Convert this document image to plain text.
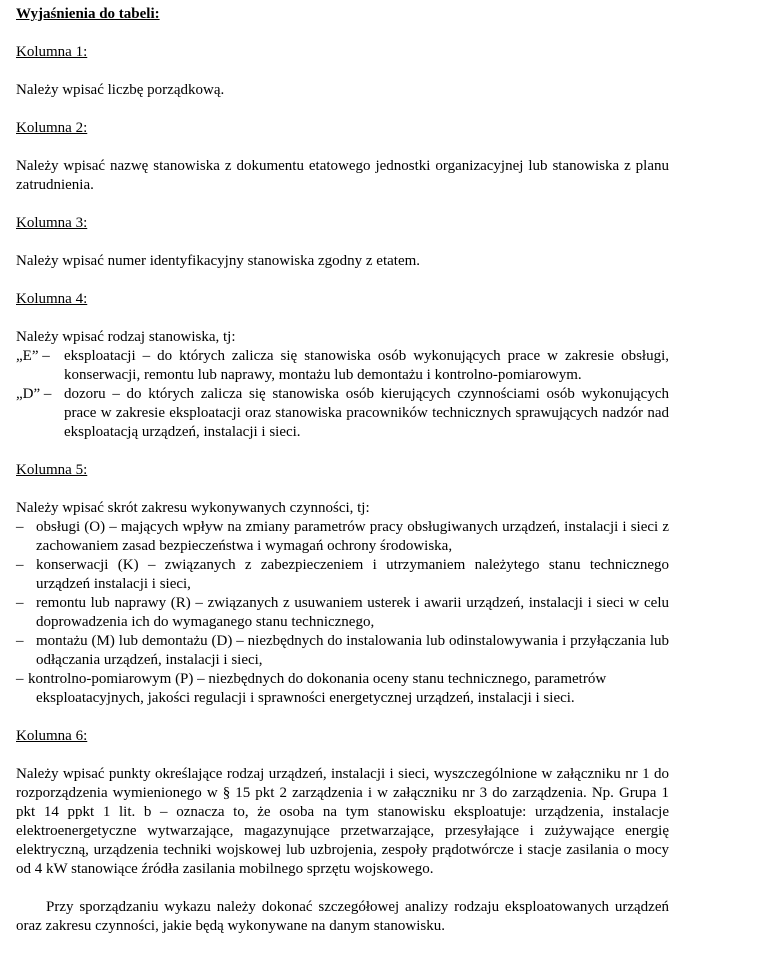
Wyjaśnienia do tabeli:
Kolumna 1:

Należy wpisać liczbę porządkową.

Kolumna 2:

Należy wpisać nazwę stanowiska z dokumentu etatowego jednostki organizacyjnej lub stanowiska z planu zatrudnienia.

Kolumna 3:

Należy wpisać numer identyfikacyjny stanowiska zgodny z etatem.

Kolumna 4:

Należy wpisać rodzaj stanowiska, tj:

„E” – eksploatacji – do których zalicza się stanowiska osób wykonujących prace w zakresie obsługi, konserwacji, remontu lub naprawy, montażu lub demontażu i kontrolno-pomiarowym.
„D” – dozoru – do których zalicza się stanowiska osób kierujących czynnościami osób wykonujących prace w zakresie eksploatacji oraz stanowiska pracowników technicznych sprawujących nadzór nad eksploatacją urządzeń, instalacji i sieci.
Kolumna 5:

Należy wpisać skrót zakresu wykonywanych czynności, tj:

– obsługi (O) – mających wpływ na zmiany parametrów pracy obsługiwanych urządzeń, instalacji i sieci z zachowaniem zasad bezpieczeństwa i wymagań ochrony środowiska,
– konserwacji (K) – związanych z zabezpieczeniem i utrzymaniem należytego stanu technicznego urządzeń instalacji i sieci,
– remontu lub naprawy (R) – związanych z usuwaniem usterek i awarii urządzeń, instalacji i sieci w celu doprowadzenia ich do wymaganego stanu technicznego,
– montażu (M) lub demontażu (D) – niezbędnych do instalowania lub odinstalowywania i przyłączania lub odłączania urządzeń, instalacji i sieci,
– kontrolno-pomiarowym (P) – niezbędnych do dokonania oceny stanu technicznego, parametrów
eksploatacyjnych, jakości regulacji i sprawności energetycznej urządzeń, instalacji i sieci.
Kolumna 6:

Należy wpisać punkty określające rodzaj urządzeń, instalacji i sieci, wyszczególnione w załączniku nr 1 do rozporządzenia wymienionego w § 15 pkt 2 zarządzenia i w załączniku nr 3 do zarządzenia. Np. Grupa 1 pkt 14 ppkt 1 lit. b – oznacza to, że osoba na tym stanowisku eksploatuje: urządzenia, instalacje elektroenergetyczne wytwarzające, magazynujące przetwarzające, przesyłające i zużywające energię elektryczną, urządzenia techniki wojskowej lub uzbrojenia, zespoły prądotwórcze i stacje zasilania o mocy od 4 kW stanowiące źródła zasilania mobilnego sprzętu wojskowego.

Przy sporządzaniu wykazu należy dokonać szczegółowej analizy rodzaju eksploatowanych urządzeń oraz zakresu czynności, jakie będą wykonywane na danym stanowisku.
